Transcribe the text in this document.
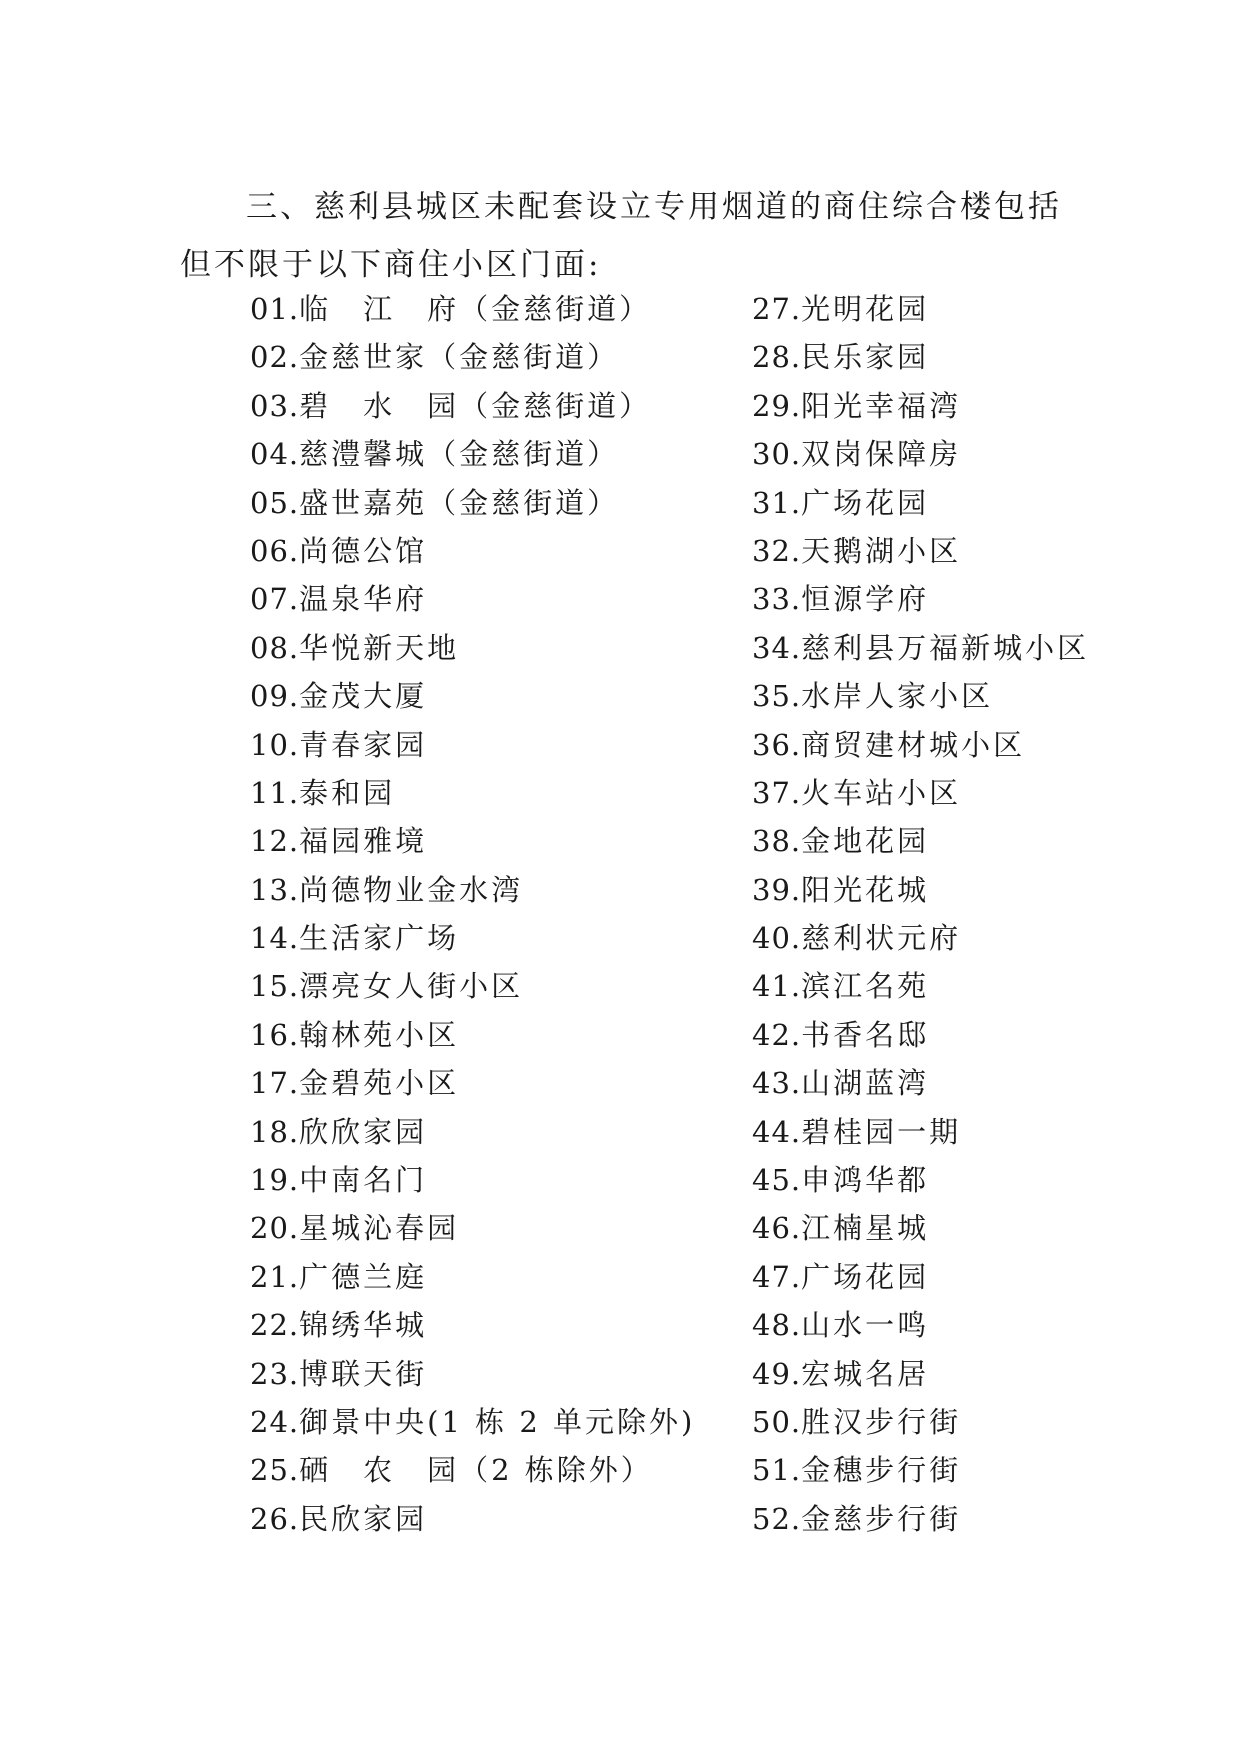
三、慈利县城区未配套设立专用烟道的商住综合楼包括但不限于以下商住小区门面:

01.临　江　府（金慈街道）
02.金慈世家（金慈街道）
03.碧　水　园（金慈街道）
04.慈澧馨城（金慈街道）
05.盛世嘉苑（金慈街道）
06.尚德公馆
07.温泉华府
08.华悦新天地
09.金茂大厦
10.青春家园
11.泰和园
12.福园雅境
13.尚德物业金水湾
14.生活家广场
15.漂亮女人街小区
16.翰林苑小区
17.金碧苑小区
18.欣欣家园
19.中南名门
20.星城沁春园
21.广德兰庭
22.锦绣华城
23.博联天街
24.御景中央(1 栋 2 单元除外)
25.硒　农　园（2 栋除外）
26.民欣家园
27.光明花园
28.民乐家园
29.阳光幸福湾
30.双岗保障房
31.广场花园
32.天鹅湖小区
33.恒源学府
34.慈利县万福新城小区
35.水岸人家小区
36.商贸建材城小区
37.火车站小区
38.金地花园
39.阳光花城
40.慈利状元府
41.滨江名苑
42.书香名邸
43.山湖蓝湾
44.碧桂园一期
45.申鸿华都
46.江楠星城
47.广场花园
48.山水一鸣
49.宏城名居
50.胜汉步行街
51.金穗步行街
52.金慈步行街
